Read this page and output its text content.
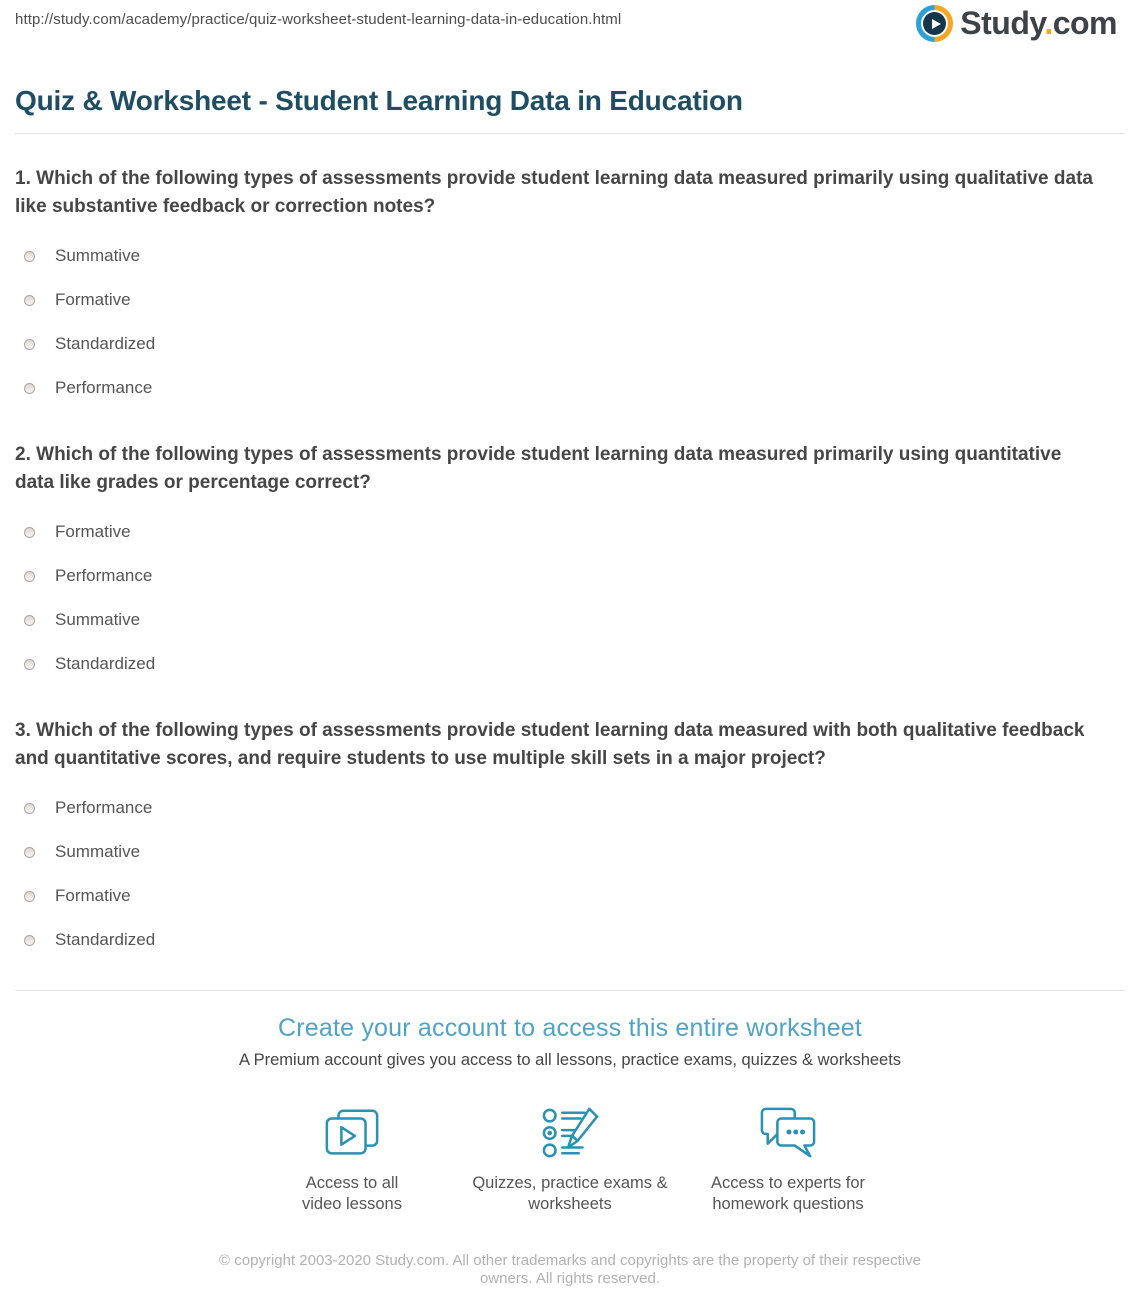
http://study.com/academy/practice/quiz-worksheet-student-learning-data-in-education.html	Study.com
Quiz & Worksheet - Student Learning Data in Education

1. Which of the following types of assessments provide student learning data measured primarily using qualitative data like substantive feedback or correction notes?

Summative
Formative
Standardized
Performance

2. Which of the following types of assessments provide student learning data measured primarily using quantitative data like grades or percentage correct?

Formative
Performance
Summative
Standardized

3. Which of the following types of assessments provide student learning data measured with both qualitative feedback and quantitative scores, and require students to use multiple skill sets in a major project?

Performance
Summative
Formative
Standardized
Create your account to access this entire worksheet
A Premium account gives you access to all lessons, practice exams, quizzes & worksheets
Access to all video lessons
Quizzes, practice exams & worksheets
Access to experts for homework questions
© copyright 2003-2020 Study.com. All other trademarks and copyrights are the property of their respective owners. All rights reserved.
